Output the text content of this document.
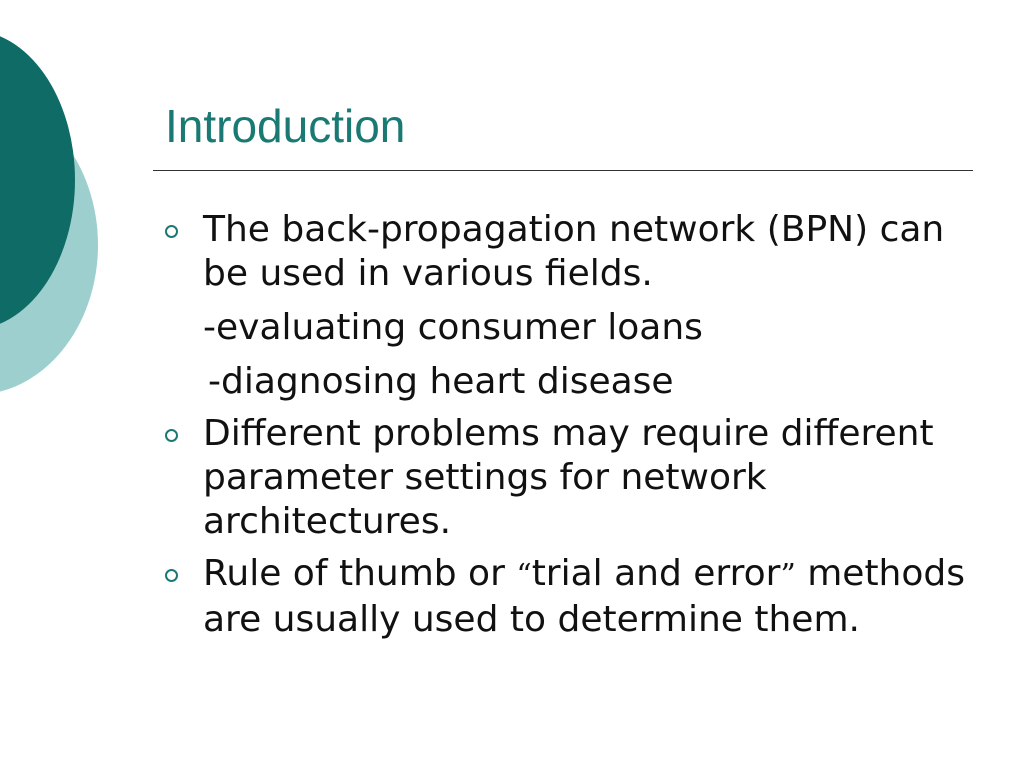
Introduction
The back-propagation network (BPN) can be used in various fields.
-evaluating consumer loans
-diagnosing heart disease
Different problems may require different parameter settings for network architectures.
Rule of thumb or “trial and error” methods are usually used to determine them.
